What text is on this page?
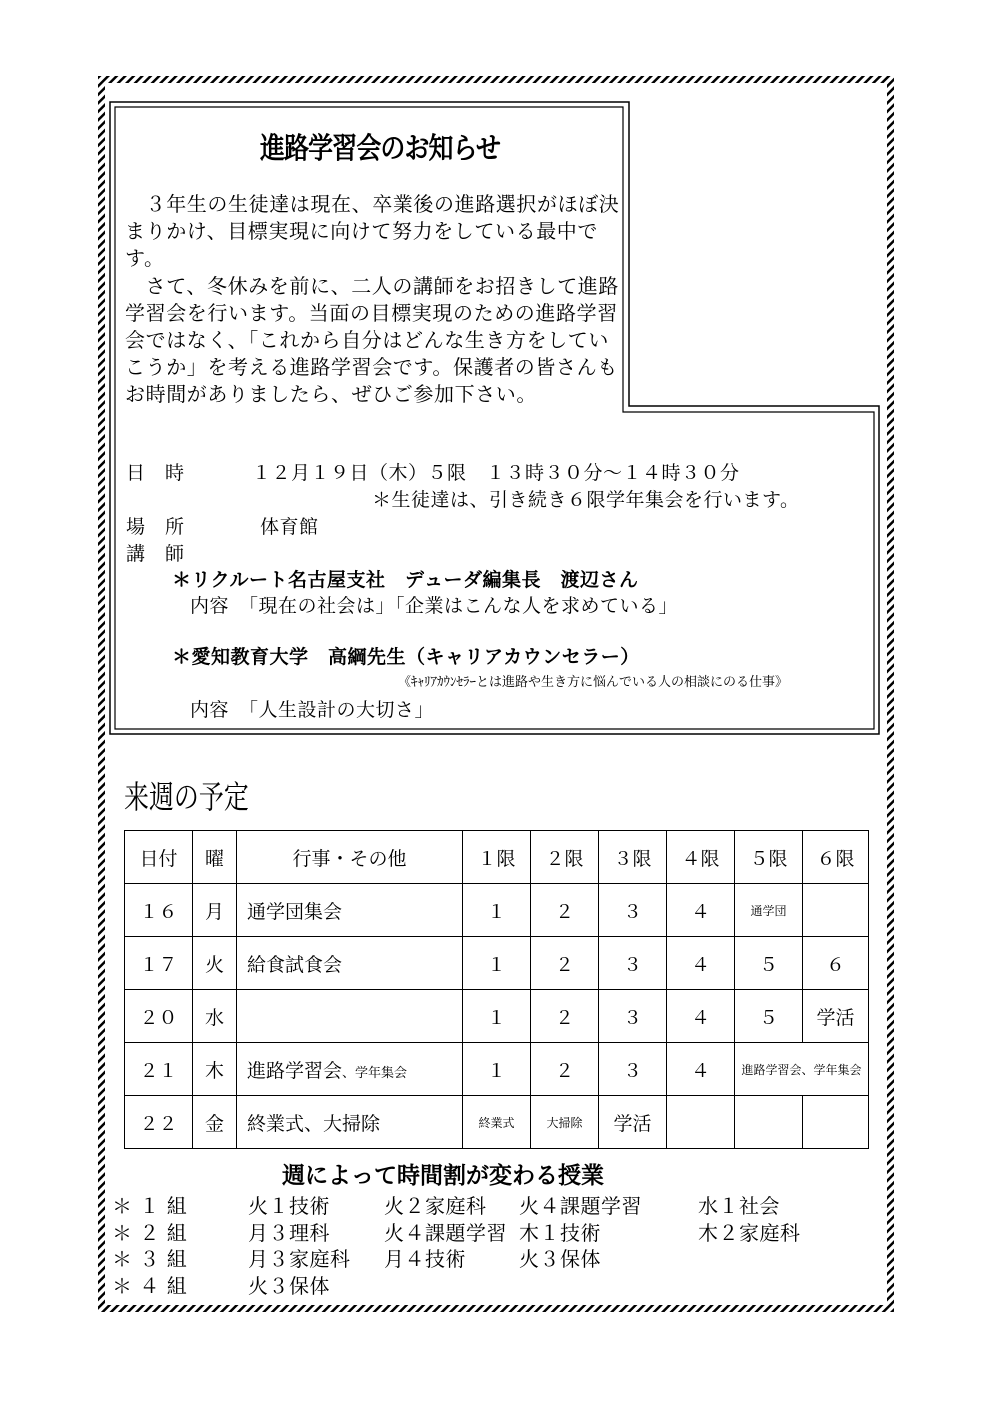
進路学習会のお知らせ

３年生の生徒達は現在、卒業後の進路選択がほぼ決まりかけ、目標実現に向けて努力をしている最中です。

さて、冬休みを前に、二人の講師をお招きして進路学習会を行います。当面の目標実現のための進路学習会ではなく、「これから自分はどんな生き方をしていこうか」を考える進路学習会です。保護者の皆さんもお時間がありましたら、ぜひご参加下さい。

日　時	１２月１９日（木）５限　１３時３０分～１４時３０分
＊生徒達は、引き続き６限学年集会を行います。
場　所	体育館
講　師
＊リクルート名古屋支社　デューダ編集長　渡辺さん
内容　「現在の社会は」「企業はこんな人を求めている」
＊愛知教育大学　高綱先生（キャリアカウンセラー）
《ｷｬﾘｱｶｳﾝｾﾗｰとは進路や生き方に悩んでいる人の相談にのる仕事》
内容　「人生設計の大切さ」
来週の予定
日付	曜	行事・その他	１限	２限	３限	４限	５限	６限
１６	月	通学団集会	１	２	３	４	通学団	
１７	火	給食試食会	１	２	３	４	５	６
２０	水		１	２	３	４	５	学活
２１	木	進路学習会、学年集会	１	２	３	４	進路学習会、学年集会	
２２	金	終業式、大掃除	終業式	大掃除	学活			
週によって時間割が変わる授業
＊ １ 組	火１技術	火２家庭科 火４課題学習	水１社会
＊ ２ 組	月３理科	火４課題学習 木１技術	木２家庭科
＊ ３ 組	月３家庭科 月４技術	火３保体
＊ ４ 組	火３保体
